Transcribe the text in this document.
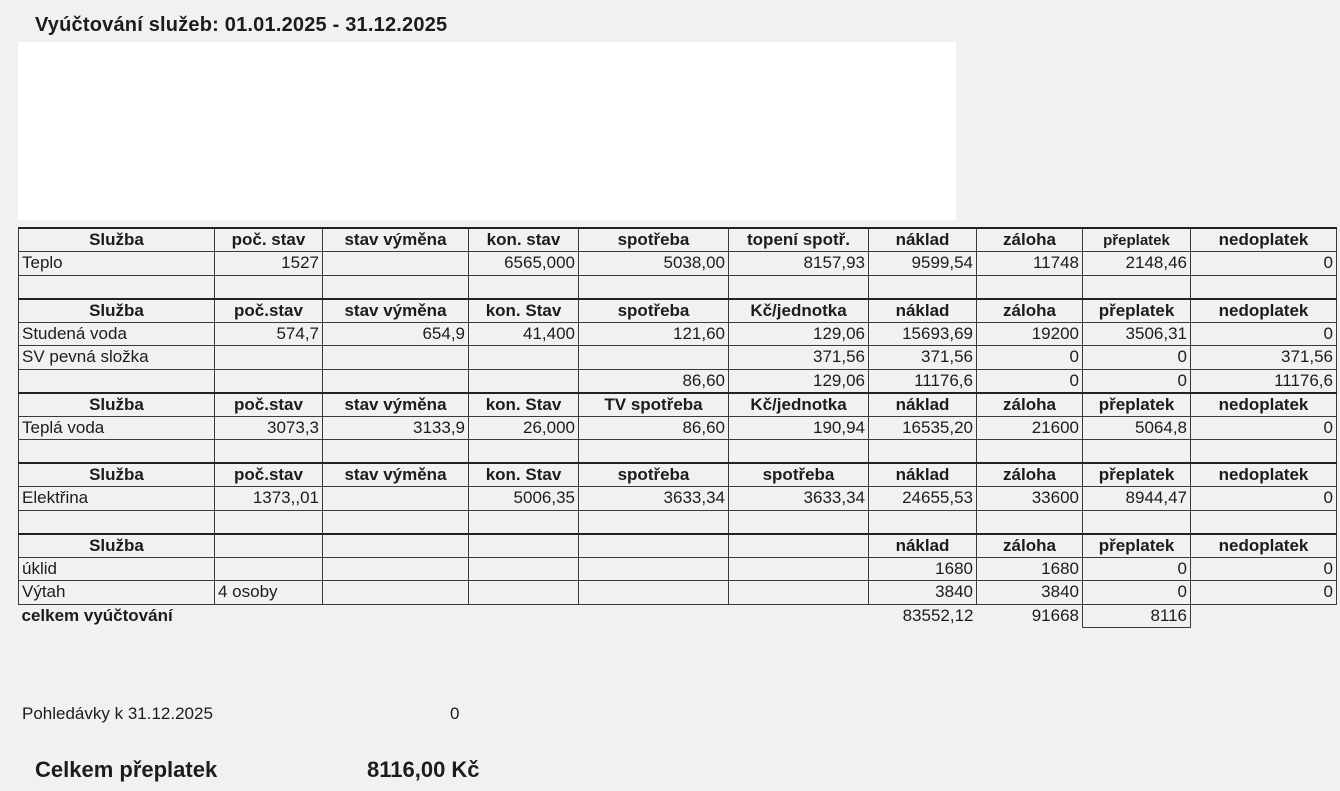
Vyúčtování služeb: 01.01.2025 - 31.12.2025
Služba	poč. stav	stav výměna	kon. stav	spotřeba	topení spotř.	náklad	záloha	přeplatek	nedoplatek
Teplo	1527		6565,000	5038,00	8157,93	9599,54	11748	2148,46	0

Služba	poč.stav	stav výměna	kon. Stav	spotřeba	Kč/jednotka	náklad	záloha	přeplatek	nedoplatek
Studená voda	574,7	654,9	41,400	121,60	129,06	15693,69	19200	3506,31	0
SV pevná složka					371,56	371,56	0	0	371,56
				86,60	129,06	11176,6	0	0	11176,6
Služba	poč.stav	stav výměna	kon. Stav	TV spotřeba	Kč/jednotka	náklad	záloha	přeplatek	nedoplatek
Teplá voda	3073,3	3133,9	26,000	86,60	190,94	16535,20	21600	5064,8	0

Služba	poč.stav	stav výměna	kon. Stav	spotřeba	spotřeba	náklad	záloha	přeplatek	nedoplatek
Elektřina	1373,,01		5006,35	3633,34	3633,34	24655,53	33600	8944,47	0

Služba						náklad	záloha	přeplatek	nedoplatek
úklid						1680	1680	0	0
Výtah	4 osoby					3840	3840	0	0
celkem vyúčtování						83552,12	91668	8116	
Pohledávky k 31.12.2025	0
Celkem přeplatek	8116,00 Kč
